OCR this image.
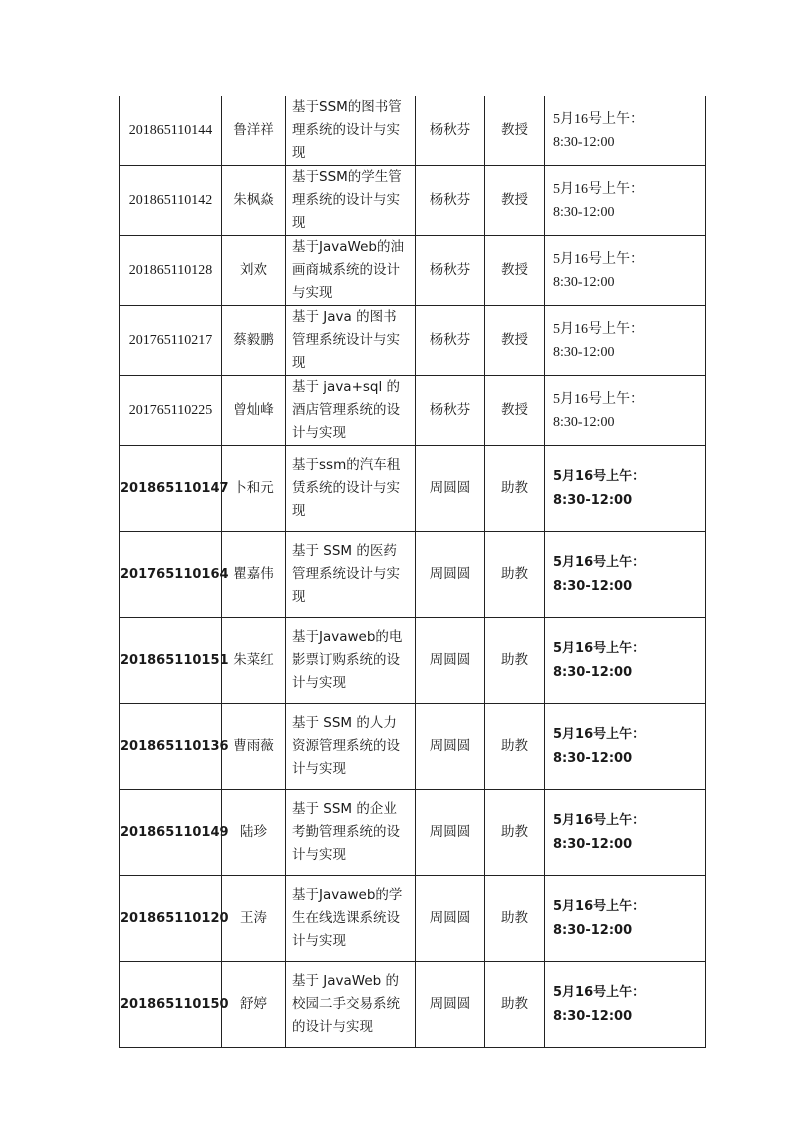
201865110144	鲁洋祥	基于SSM的图书管理系统的设计与实现	杨秋芬	教授	5月16号上午：
8:30-12:00

201865110142	朱枫焱	基于SSM的学生管理系统的设计与实现	杨秋芬	教授	5月16号上午：
8:30-12:00

201865110128	刘欢	基于JavaWeb的油画商城系统的设计与实现	杨秋芬	教授	5月16号上午：
8:30-12:00

201765110217	蔡毅鹏	基于 Java 的图书管理系统设计与实现	杨秋芬	教授	5月16号上午：
8:30-12:00

201765110225	曾灿峰	基于 java+sql 的酒店管理系统的设计与实现	杨秋芬	教授	5月16号上午：
8:30-12:00

201865110147	卜和元	基于ssm的汽车租赁系统的设计与实现	周圆圆	助教	5月16号上午：
8:30-12:00

201765110164	瞿嘉伟	基于 SSM 的医药管理系统设计与实现	周圆圆	助教	5月16号上午：
8:30-12:00

201865110151	朱菜红	基于Javaweb的电影票订购系统的设计与实现	周圆圆	助教	5月16号上午：
8:30-12:00

201865110136	曹雨薇	基于 SSM 的人力资源管理系统的设计与实现	周圆圆	助教	5月16号上午：
8:30-12:00

201865110149	陆珍	基于 SSM 的企业考勤管理系统的设计与实现	周圆圆	助教	5月16号上午：
8:30-12:00

201865110120	王涛	基于Javaweb的学生在线选课系统设计与实现	周圆圆	助教	5月16号上午：
8:30-12:00

201865110150	舒婷	基于 JavaWeb 的校园二手交易系统的设计与实现	周圆圆	助教	5月16号上午：
8:30-12:00
